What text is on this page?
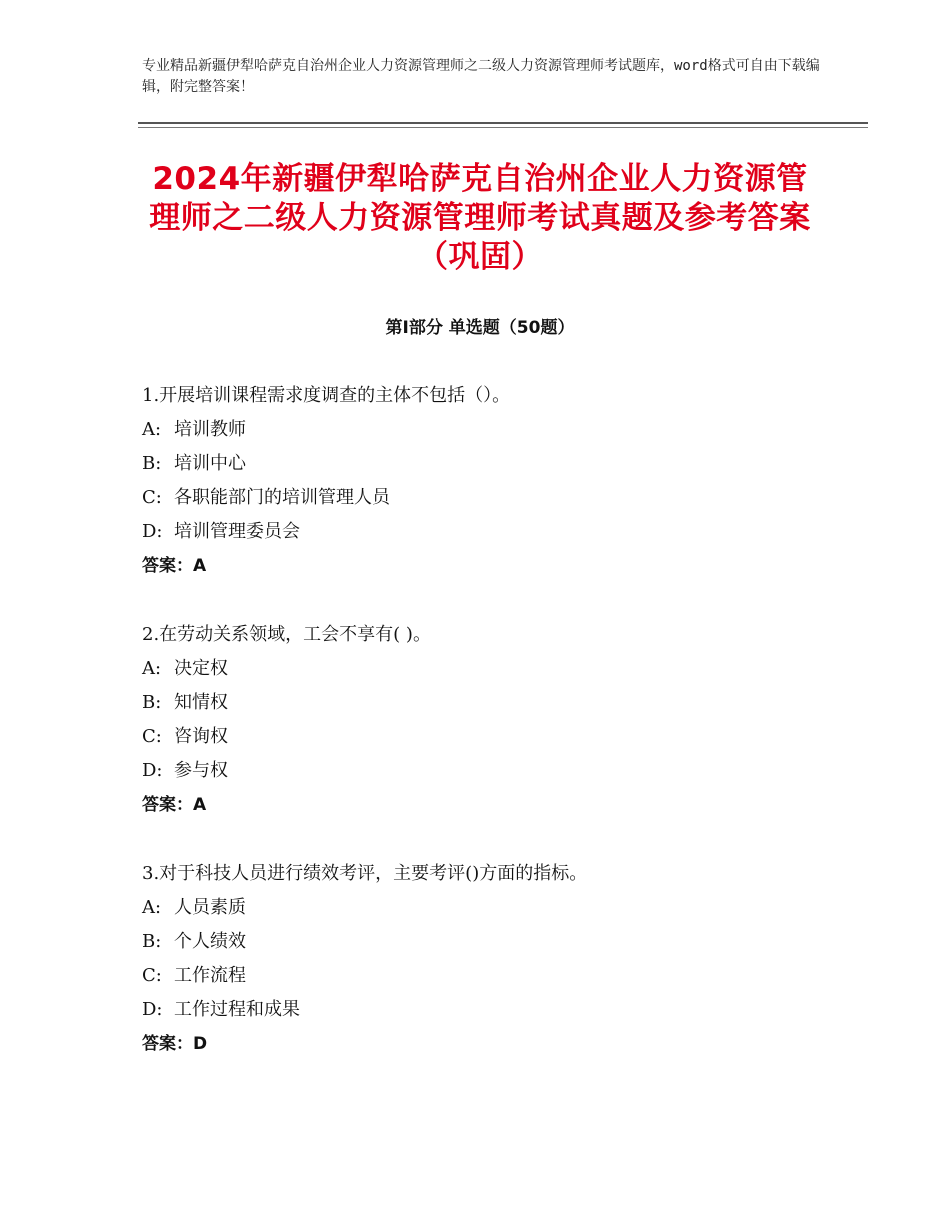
专业精品新疆伊犁哈萨克自治州企业人力资源管理师之二级人力资源管理师考试题库，word格式可自由下载编辑，附完整答案！
2024年新疆伊犁哈萨克自治州企业人力资源管理师之二级人力资源管理师考试真题及参考答案（巩固）
第Ⅰ部分 单选题（50题）
1.开展培训课程需求度调查的主体不包括（）。
A: 培训教师
B: 培训中心
C: 各职能部门的培训管理人员
D: 培训管理委员会
答案：A
2.在劳动关系领域，工会不享有( )。
A: 决定权
B: 知情权
C: 咨询权
D: 参与权
答案：A
3.对于科技人员进行绩效考评，主要考评()方面的指标。
A: 人员素质
B: 个人绩效
C: 工作流程
D: 工作过程和成果
答案：D
